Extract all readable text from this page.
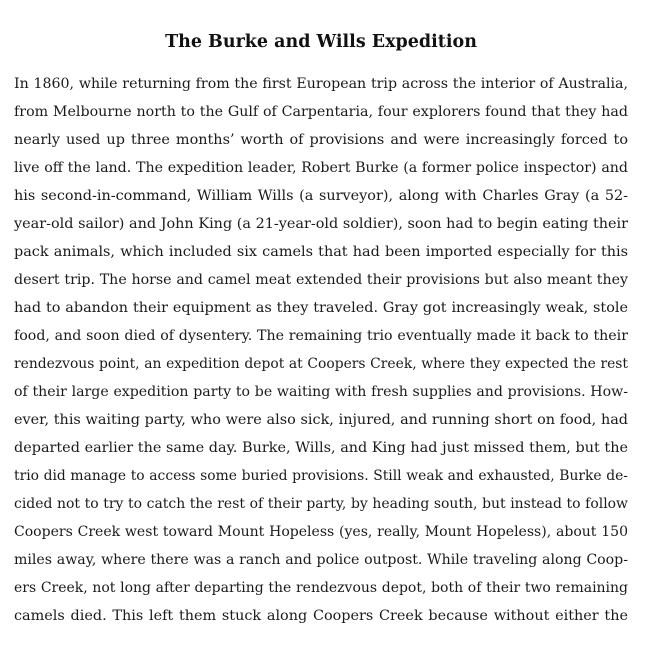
The Burke and Wills Expedition
In 1860, while returning from the first European trip across the interior of Australia,
from Melbourne north to the Gulf of Carpentaria, four explorers found that they had
nearly used up three months’ worth of provisions and were increasingly forced to
live off the land. The expedition leader, Robert Burke (a former police inspector) and
his second-in-command, William Wills (a surveyor), along with Charles Gray (a 52-
year-old sailor) and John King (a 21-year-old soldier), soon had to begin eating their
pack animals, which included six camels that had been imported especially for this
desert trip. The horse and camel meat extended their provisions but also meant they
had to abandon their equipment as they traveled. Gray got increasingly weak, stole
food, and soon died of dysentery. The remaining trio eventually made it back to their
rendezvous point, an expedition depot at Coopers Creek, where they expected the rest
of their large expedition party to be waiting with fresh supplies and provisions. How-
ever, this waiting party, who were also sick, injured, and running short on food, had
departed earlier the same day. Burke, Wills, and King had just missed them, but the
trio did manage to access some buried provisions. Still weak and exhausted, Burke de-
cided not to try to catch the rest of their party, by heading south, but instead to follow
Coopers Creek west toward Mount Hopeless (yes, really, Mount Hopeless), about 150
miles away, where there was a ranch and police outpost. While traveling along Coop-
ers Creek, not long after departing the rendezvous depot, both of their two remaining
camels died. This left them stuck along Coopers Creek because without either the
